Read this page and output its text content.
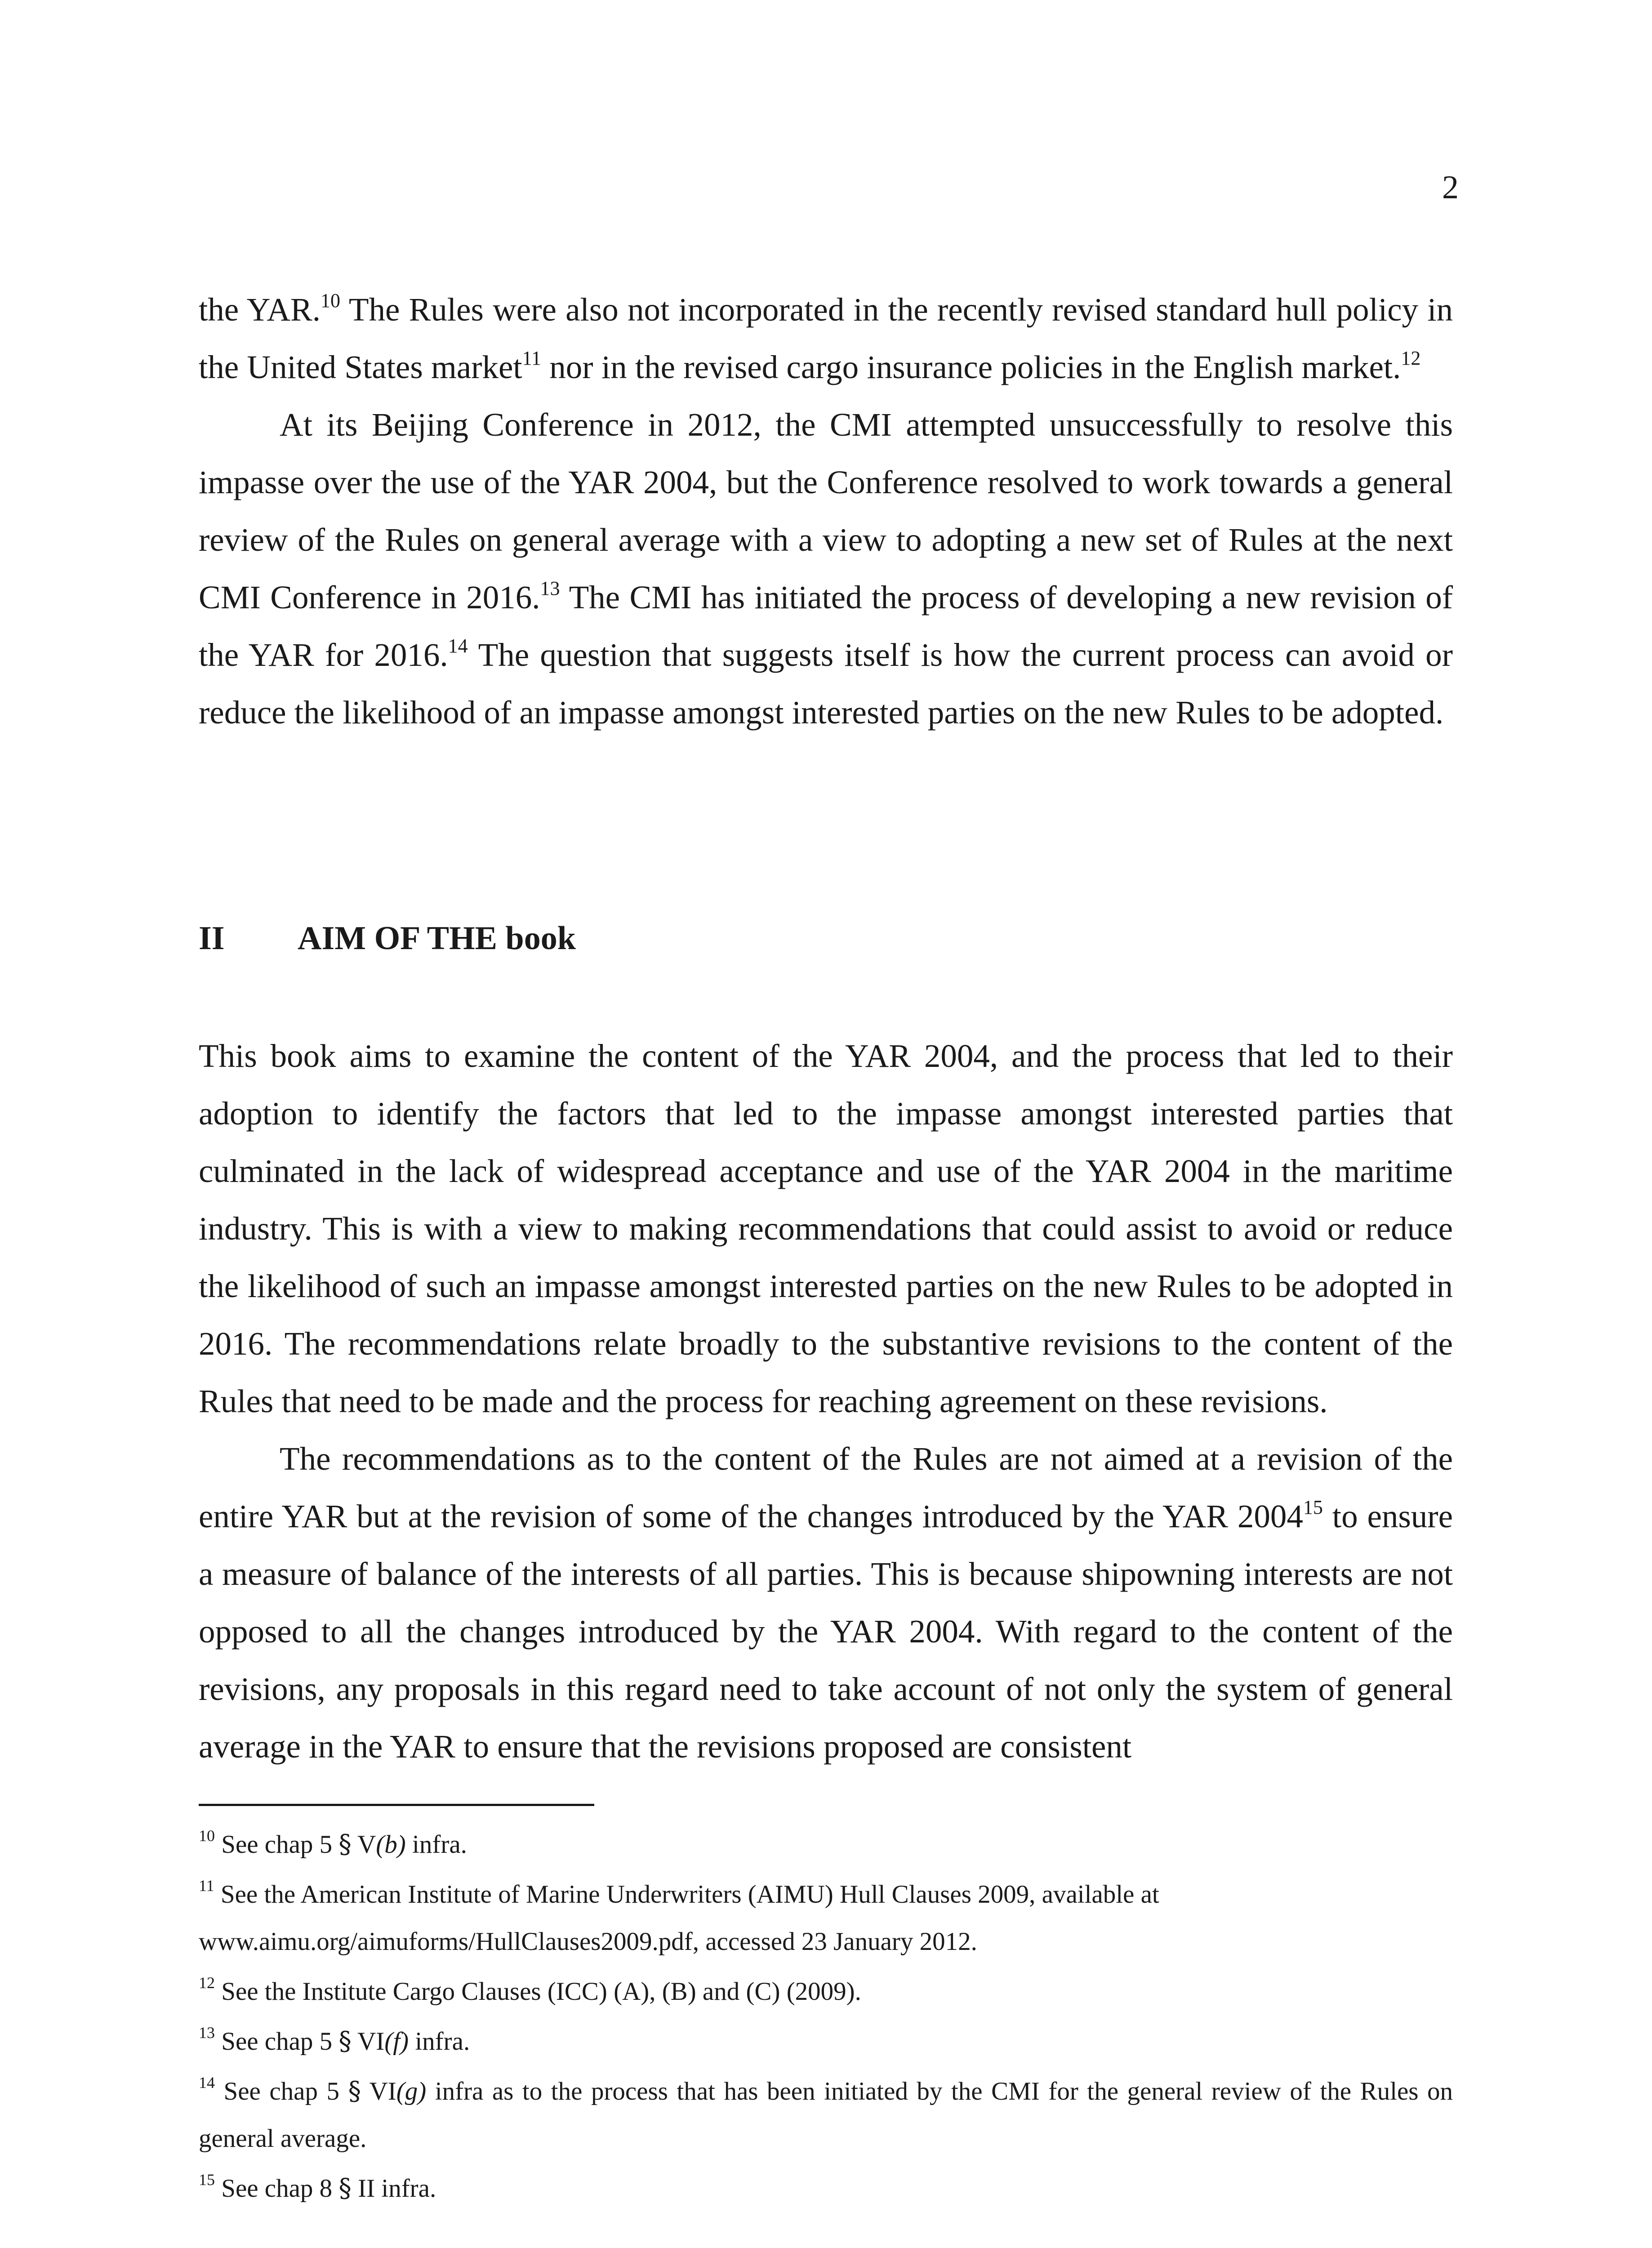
2

the YAR.$^{10}$ The Rules were also not incorporated in the recently revised standard hull policy in the United States market$^{11}$ nor in the revised cargo insurance policies in the English market.$^{12}$

At its Beijing Conference in 2012, the CMI attempted unsuccessfully to resolve this impasse over the use of the YAR 2004, but the Conference resolved to work towards a general review of the Rules on general average with a view to adopting a new set of Rules at the next CMI Conference in 2016.13 The CMI has initiated the process of developing a new revision of the YAR for 2016.14 The question that suggests itself is how the current process can avoid or reduce the likelihood of an impasse amongst interested parties on the new Rules to be adopted.

II	AIM OF THE book

This book aims to examine the content of the YAR 2004, and the process that led to their adoption to identify the factors that led to the impasse amongst interested parties that culminated in the lack of widespread acceptance and use of the YAR 2004 in the maritime industry. This is with a view to making recommendations that could assist to avoid or reduce the likelihood of such an impasse amongst interested parties on the new Rules to be adopted in 2016. The recommendations relate broadly to the substantive revisions to the content of the Rules that need to be made and the process for reaching agreement on these revisions.

The recommendations as to the content of the Rules are not aimed at a revision of the entire YAR but at the revision of some of the changes introduced by the YAR 2004$^{15}$ to ensure a measure of balance of the interests of all parties. This is because shipowning interests are not opposed to all the changes introduced by the YAR 2004. With regard to the content of the revisions, any proposals in this regard need to take account of not only the system of general average in the YAR to ensure that the revisions proposed are consistent

$^{10}$ See chap 5 § V(b) infra.

$^{11}$ See the American Institute of Marine Underwriters (AIMU) Hull Clauses 2009, available at www.aimu.org/aimuforms/HullClauses2009.pdf, accessed 23 January 2012.

$^{12}$ See the Institute Cargo Clauses (ICC) (A), (B) and (C) (2009).

$^{13}$ See chap 5 § VI(f) infra.

$^{14}$ See chap 5 § VI(g) infra as to the process that has been initiated by the CMI for the general review of the Rules on general average.

$^{15}$ See chap 8 § II infra.
